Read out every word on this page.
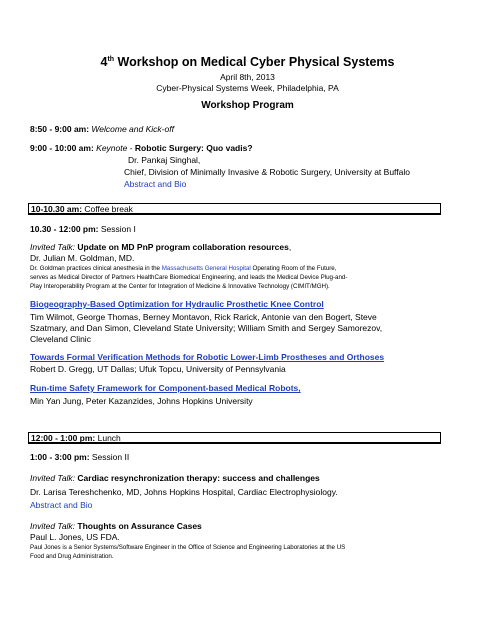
4th Workshop on Medical Cyber Physical Systems
April 8th, 2013
Cyber-Physical Systems Week, Philadelphia, PA
Workshop Program
8:50 - 9:00 am: Welcome and Kick-off
9:00 - 10:00 am: Keynote - Robotic Surgery: Quo vadis?
Dr. Pankaj Singhal,
Chief, Division of Minimally Invasive & Robotic Surgery, University at Buffalo
Abstract and Bio
10-10.30 am: Coffee break
10.30 - 12:00 pm: Session I
Invited Talk: Update on MD PnP program collaboration resources,
Dr. Julian M. Goldman, MD.
Dr. Goldman practices clinical anesthesia in the Massachusetts General Hospital Operating Room of the Future,
serves as Medical Director of Partners HealthCare Biomedical Engineering, and leads the Medical Device Plug-and-
Play Interoperability Program at the Center for Integration of Medicine & Innovative Technology (CIMIT/MGH).
Biogeography-Based Optimization for Hydraulic Prosthetic Knee Control
Tim Wilmot, George Thomas, Berney Montavon, Rick Rarick, Antonie van den Bogert, Steve
Szatmary, and Dan Simon, Cleveland State University; William Smith and Sergey Samorezov,
Cleveland Clinic
Towards Formal Verification Methods for Robotic Lower-Limb Prostheses and Orthoses
Robert D. Gregg, UT Dallas; Ufuk Topcu, University of Pennsylvania
Run-time Safety Framework for Component-based Medical Robots,
Min Yan Jung, Peter Kazanzides, Johns Hopkins University
12:00 - 1:00 pm: Lunch
1:00 - 3:00 pm: Session II
Invited Talk: Cardiac resynchronization therapy: success and challenges
Dr. Larisa Tereshchenko, MD, Johns Hopkins Hospital, Cardiac Electrophysiology.
Abstract and Bio
Invited Talk: Thoughts on Assurance Cases
Paul L. Jones, US FDA.
Paul Jones is a Senior Systems/Software Engineer in the Office of Science and Engineering Laboratories at the US
Food and Drug Administration.
